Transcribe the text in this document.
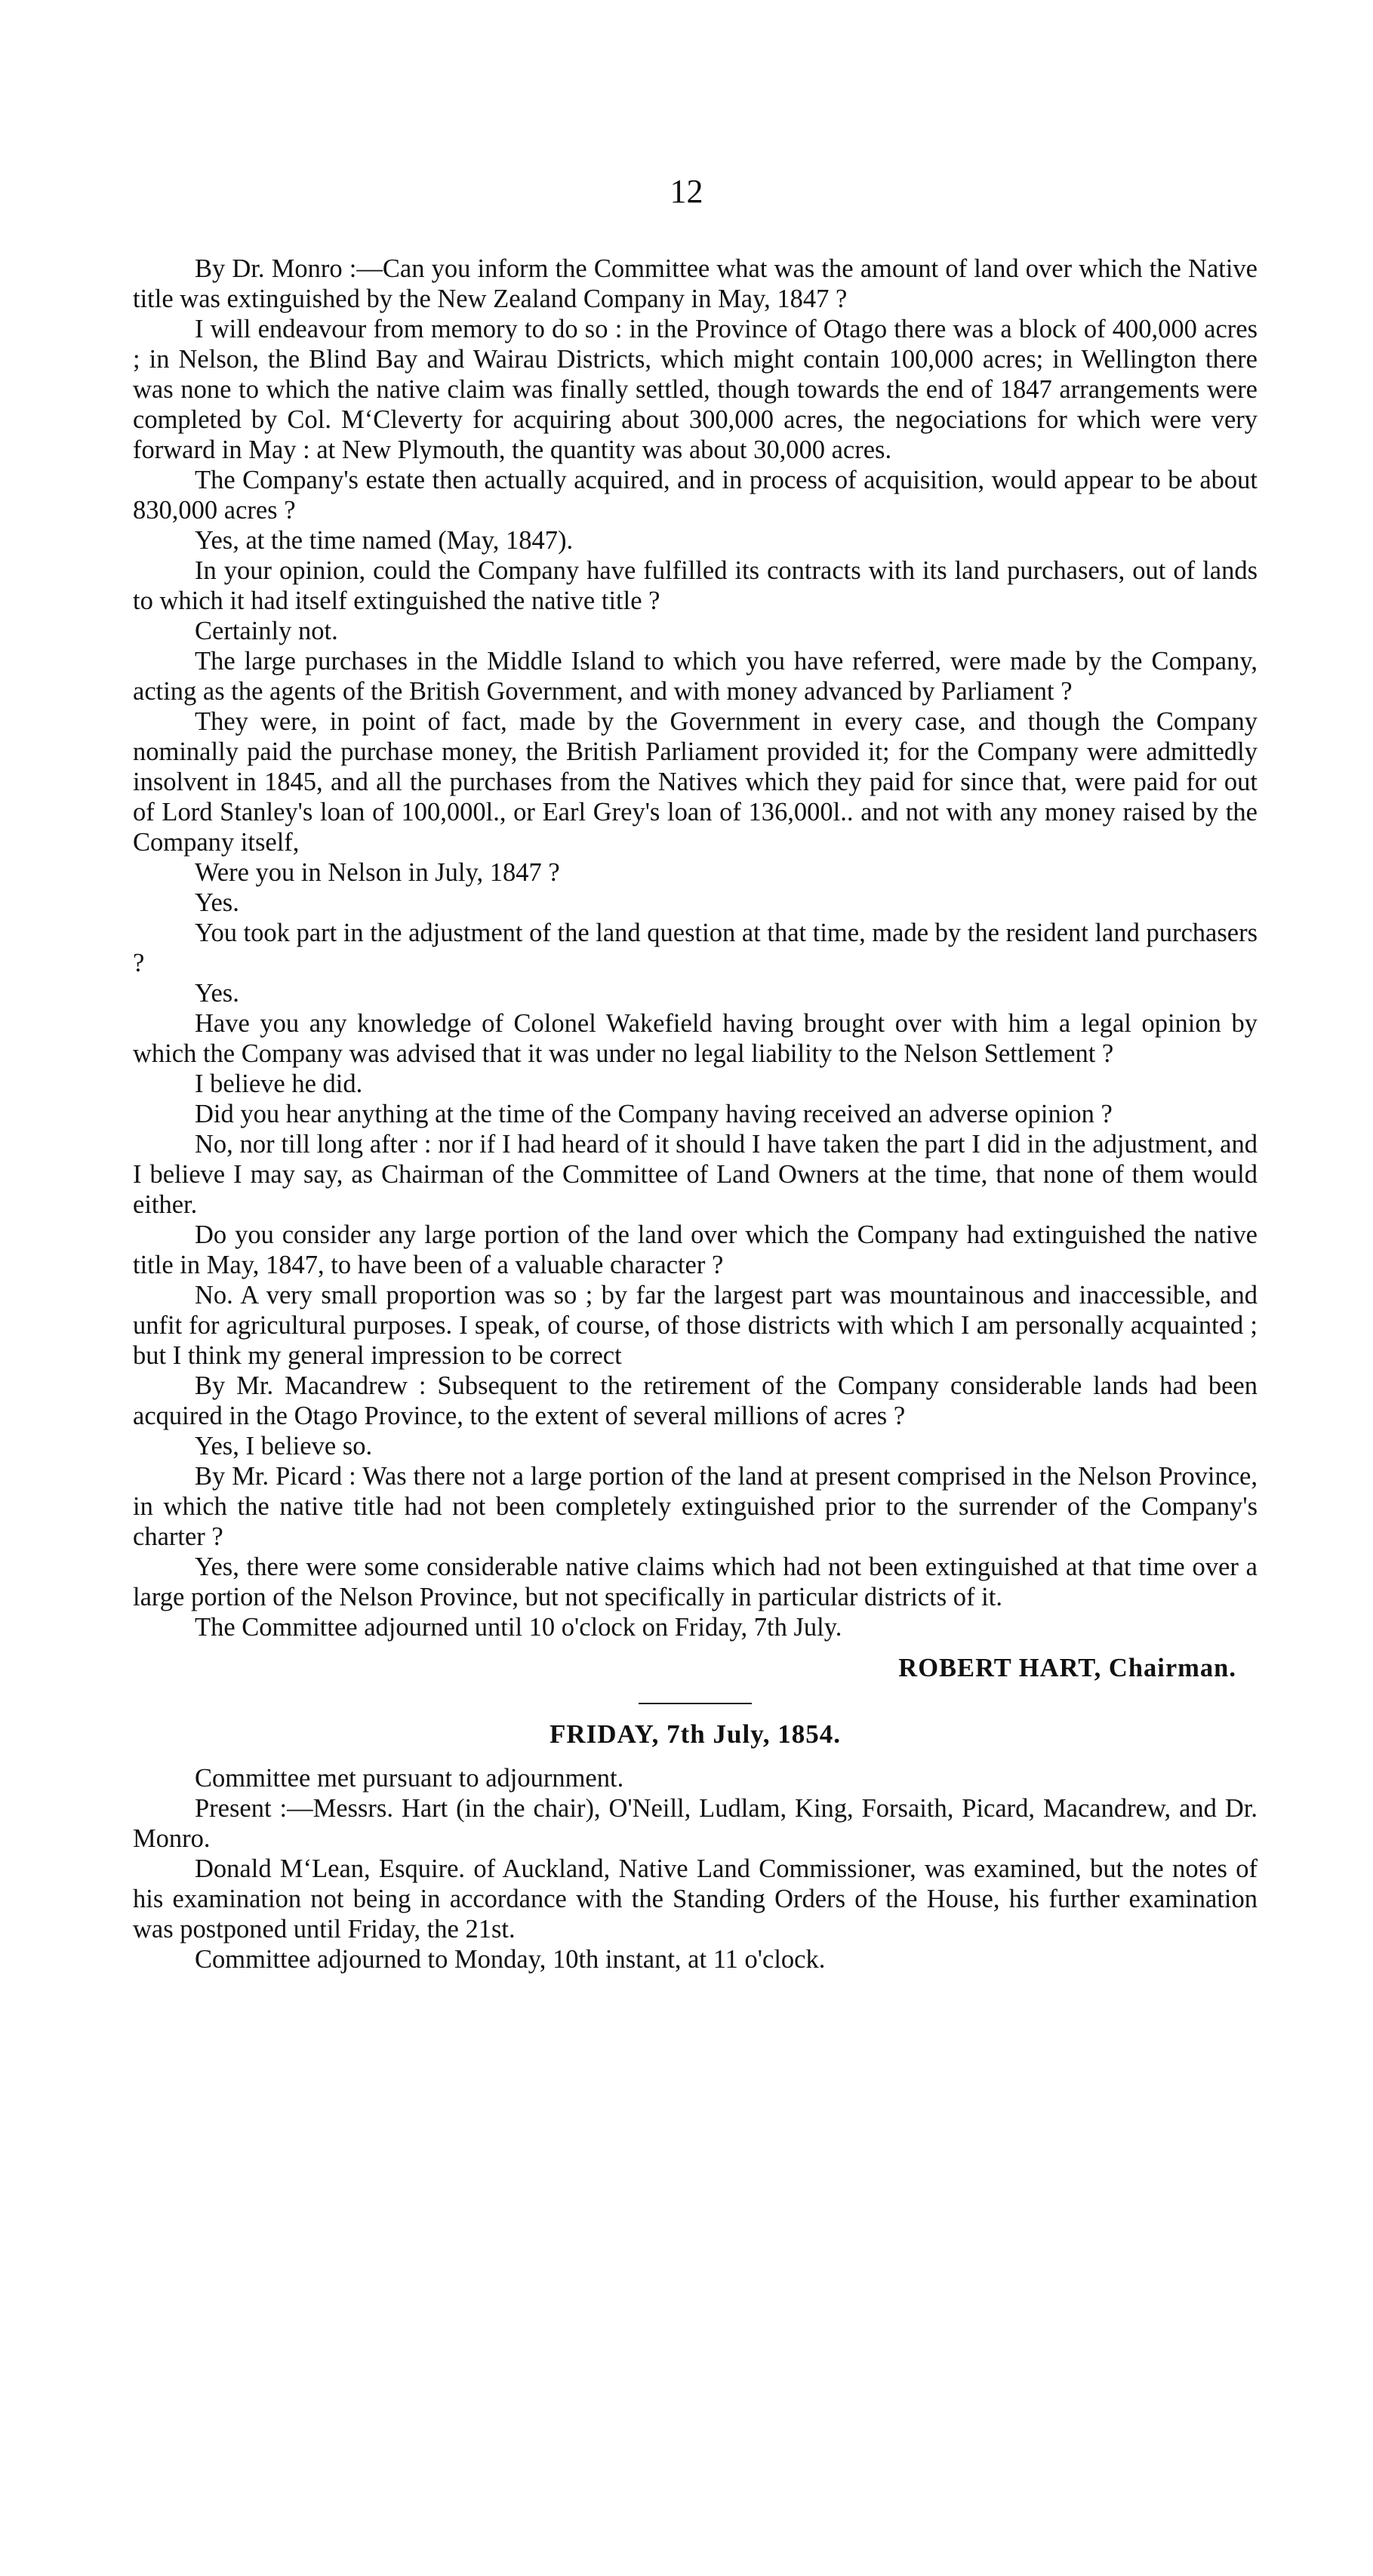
12

By Dr. Monro :—Can you inform the Committee what was the amount of land over which the Native title was extinguished by the New Zealand Company in May, 1847 ?

I will endeavour from memory to do so : in the Province of Otago there was a block of 400,000 acres ; in Nelson, the Blind Bay and Wairau Districts, which might contain 100,000 acres; in Wellington there was none to which the native claim was finally settled, though towards the end of 1847 arrangements were completed by Col. M‘Cleverty for acquiring about 300,000 acres, the negociations for which were very forward in May : at New Plymouth, the quantity was about 30,000 acres.

The Company's estate then actually acquired, and in process of acquisition, would appear to be about 830,000 acres ?

Yes, at the time named (May, 1847).

In your opinion, could the Company have fulfilled its contracts with its land purchasers, out of lands to which it had itself extinguished the native title ?

Certainly not.

The large purchases in the Middle Island to which you have referred, were made by the Company, acting as the agents of the British Government, and with money advanced by Parliament ?

They were, in point of fact, made by the Government in every case, and though the Company nominally paid the purchase money, the British Parliament provided it; for the Company were admittedly insolvent in 1845, and all the purchases from the Natives which they paid for since that, were paid for out of Lord Stanley's loan of 100,000l., or Earl Grey's loan of 136,000l.. and not with any money raised by the Company itself,

Were you in Nelson in July, 1847 ?

Yes.

You took part in the adjustment of the land question at that time, made by the resident land purchasers ?

Yes.

Have you any knowledge of Colonel Wakefield having brought over with him a legal opinion by which the Company was advised that it was under no legal liability to the Nelson Settlement ?

I believe he did.

Did you hear anything at the time of the Company having received an adverse opinion ?

No, nor till long after : nor if I had heard of it should I have taken the part I did in the adjustment, and I believe I may say, as Chairman of the Committee of Land Owners at the time, that none of them would either.

Do you consider any large portion of the land over which the Company had extinguished the native title in May, 1847, to have been of a valuable character ?

No. A very small proportion was so ; by far the largest part was mountainous and inaccessible, and unfit for agricultural purposes. I speak, of course, of those districts with which I am personally acquainted ; but I think my general impression to be correct

By Mr. Macandrew : Subsequent to the retirement of the Company considerable lands had been acquired in the Otago Province, to the extent of several millions of acres ?

Yes, I believe so.

By Mr. Picard : Was there not a large portion of the land at present comprised in the Nelson Province, in which the native title had not been completely extinguished prior to the surrender of the Company's charter ?

Yes, there were some considerable native claims which had not been extinguished at that time over a large portion of the Nelson Province, but not specifically in particular districts of it.

The Committee adjourned until 10 o'clock on Friday, 7th July.

ROBERT HART, Chairman.
FRIDAY, 7th July, 1854.

Committee met pursuant to adjournment.

Present :—Messrs. Hart (in the chair), O'Neill, Ludlam, King, Forsaith, Picard, Macandrew, and Dr. Monro.

Donald M‘Lean, Esquire. of Auckland, Native Land Commissioner, was examined, but the notes of his examination not being in accordance with the Standing Orders of the House, his further examination was postponed until Friday, the 21st.

Committee adjourned to Monday, 10th instant, at 11 o'clock.
